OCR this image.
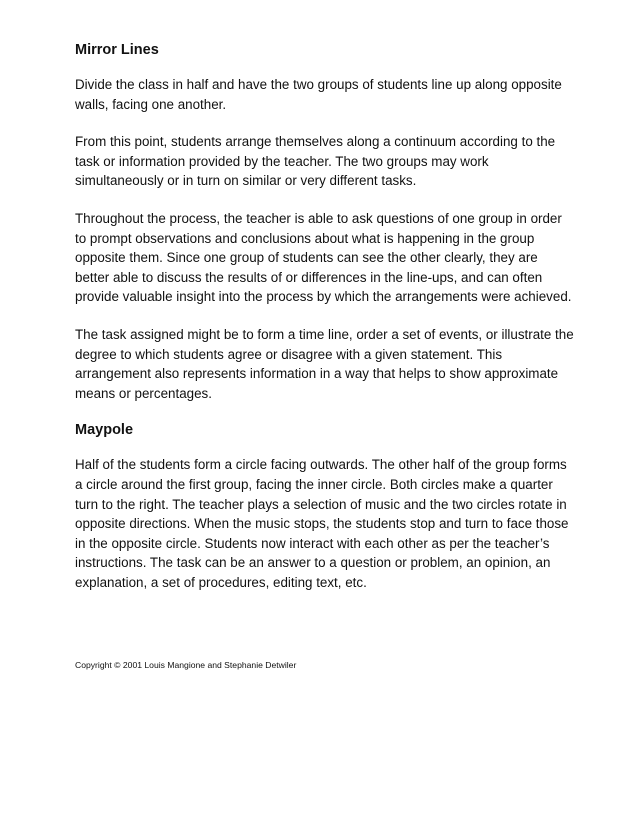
Mirror Lines

Divide the class in half and have the two groups of students line up along opposite walls, facing one another.

From this point, students arrange themselves along a continuum according to the task or information provided by the teacher. The two groups may work simultaneously or in turn on similar or very different tasks.

Throughout the process, the teacher is able to ask questions of one group in order to prompt observations and conclusions about what is happening in the group opposite them. Since one group of students can see the other clearly, they are better able to discuss the results of or differences in the line-ups, and can often provide valuable insight into the process by which the arrangements were achieved.

The task assigned might be to form a time line, order a set of events, or illustrate the degree to which students agree or disagree with a given statement. This arrangement also represents information in a way that helps to show approximate means or percentages.

Maypole

Half of the students form a circle facing outwards. The other half of the group forms a circle around the first group, facing the inner circle. Both circles make a quarter turn to the right. The teacher plays a selection of music and the two circles rotate in opposite directions. When the music stops, the students stop and turn to face those in the opposite circle. Students now interact with each other as per the teacher’s instructions. The task can be an answer to a question or problem, an opinion, an explanation, a set of procedures, editing text, etc.

Copyright © 2001 Louis Mangione and Stephanie Detwiler
